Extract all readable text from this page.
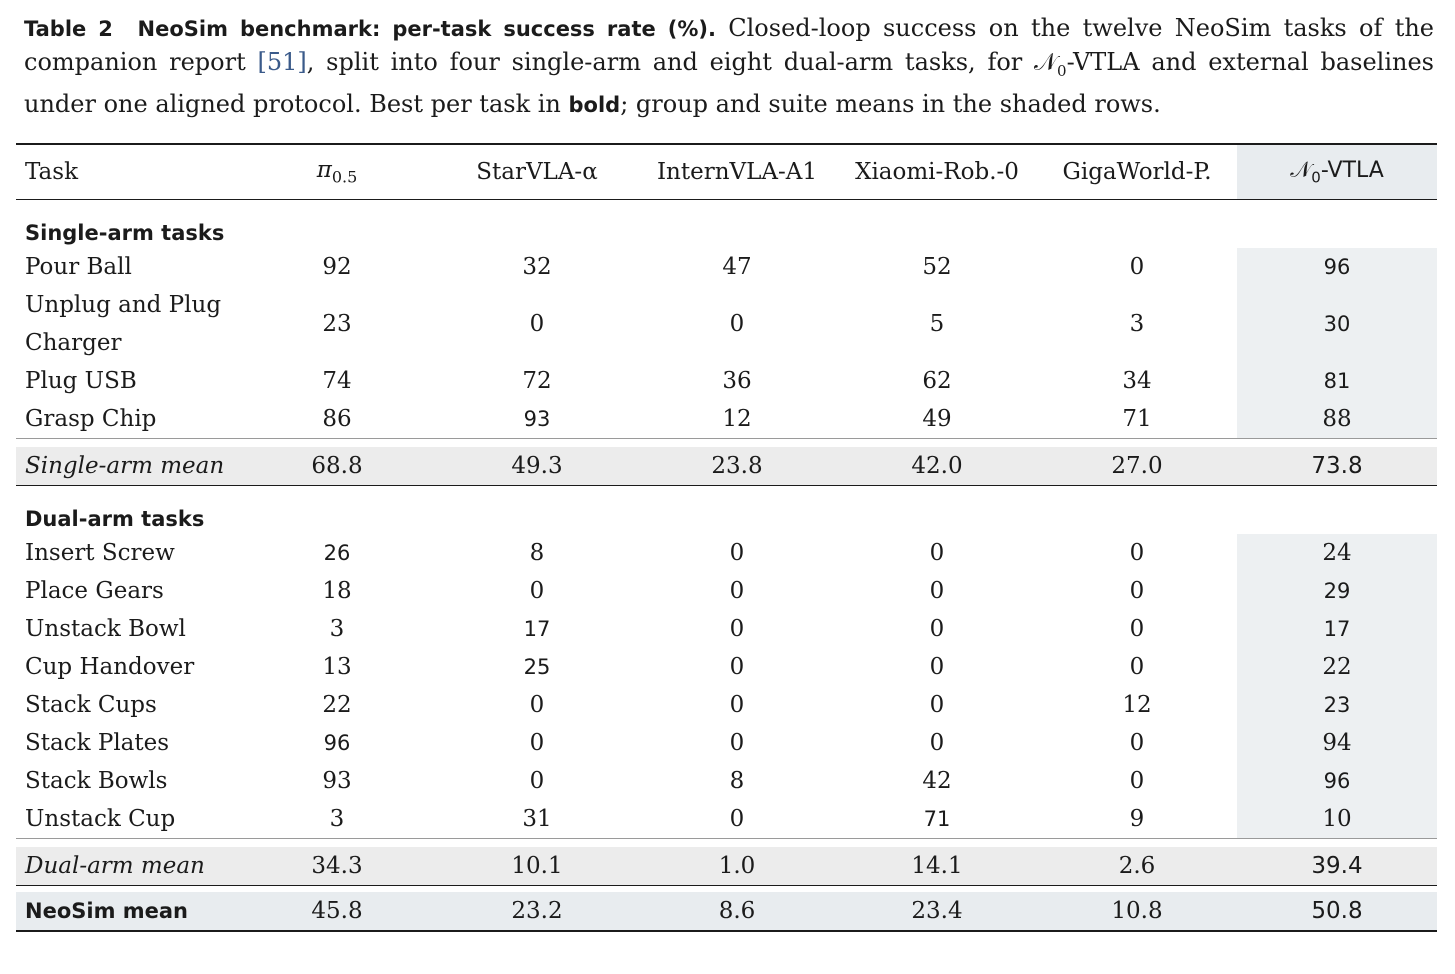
Table 2 NeoSim benchmark: per-task success rate (%). Closed-loop success on the twelve NeoSim tasks of the companion report [51], split into four single-arm and eight dual-arm tasks, for 𝒩$_0$-VTLA and external baselines under one aligned protocol. Best per task in bold; group and suite means in the shaded rows.
Task	$\pi_{0.5}$	StarVLA-α	InternVLA-A1	Xiaomi-Rob.-0	GigaWorld-P.	𝒩$_0$-VTLA
Single-arm tasks						
Pour Ball	92	32	47	52	0	96
Unplug and Plug Charger	23	0	0	5	3	30
Plug USB	74	72	36	62	34	81
Grasp Chip	86	93	12	49	71	88

Single-arm mean	68.8	49.3	23.8	42.0	27.0	73.8
Dual-arm tasks						
Insert Screw	26	8	0	0	0	24
Place Gears	18	0	0	0	0	29
Unstack Bowl	3	17	0	0	0	17
Cup Handover	13	25	0	0	0	22
Stack Cups	22	0	0	0	12	23
Stack Plates	96	0	0	0	0	94
Stack Bowls	93	0	8	42	0	96
Unstack Cup	3	31	0	71	9	10

Dual-arm mean	34.3	10.1	1.0	14.1	2.6	39.4

NeoSim mean	45.8	23.2	8.6	23.4	10.8	50.8
